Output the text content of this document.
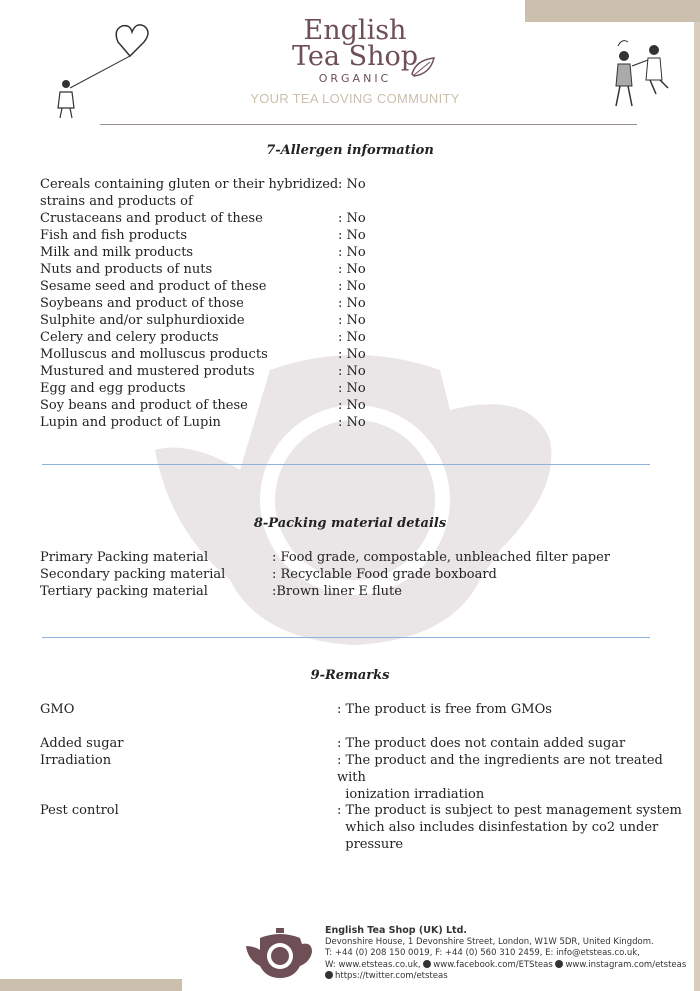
English
Tea Shop
ORGANIC
YOUR TEA LOVING COMMUNITY
7-Allergen information
Cereals containing gluten or their hybridized : No
strains and products of
Crustaceans and product of these	: No
Fish and fish products	: No
Milk and milk products	: No
Nuts and products of nuts	: No
Sesame seed and product of these	: No
Soybeans and product of those	: No
Sulphite and/or sulphurdioxide	: No
Celery and celery products	: No
Molluscus and molluscus products	: No
Mustured and mustered produts	: No
Egg and egg products	: No
Soy beans and product of these	: No
Lupin and product of Lupin	: No
8-Packing material details
Primary Packing material	: Food grade, compostable, unbleached filter paper
Secondary packing material	: Recyclable Food grade boxboard
Tertiary packing material	:Brown liner E flute
9-Remarks
GMO	: The product is free from GMOs
Added sugar	: The product does not contain added sugar
Irradiation	: The product and the ingredients are not treated
with
ionization irradiation
Pest control	: The product is subject to pest management system
which also includes disinfestation by co2 under
pressure
English Tea Shop (UK) Ltd.
Devonshire House, 1 Devonshire Street, London, W1W 5DR, United Kingdom.
T: +44 (0) 208 150 0019, F: +44 (0) 560 310 2459, E: info@etsteas.co.uk,
W: www.etsteas.co.uk, www.facebook.com/ETSteas www.instagram.com/etsteas
https://twitter.com/etsteas
